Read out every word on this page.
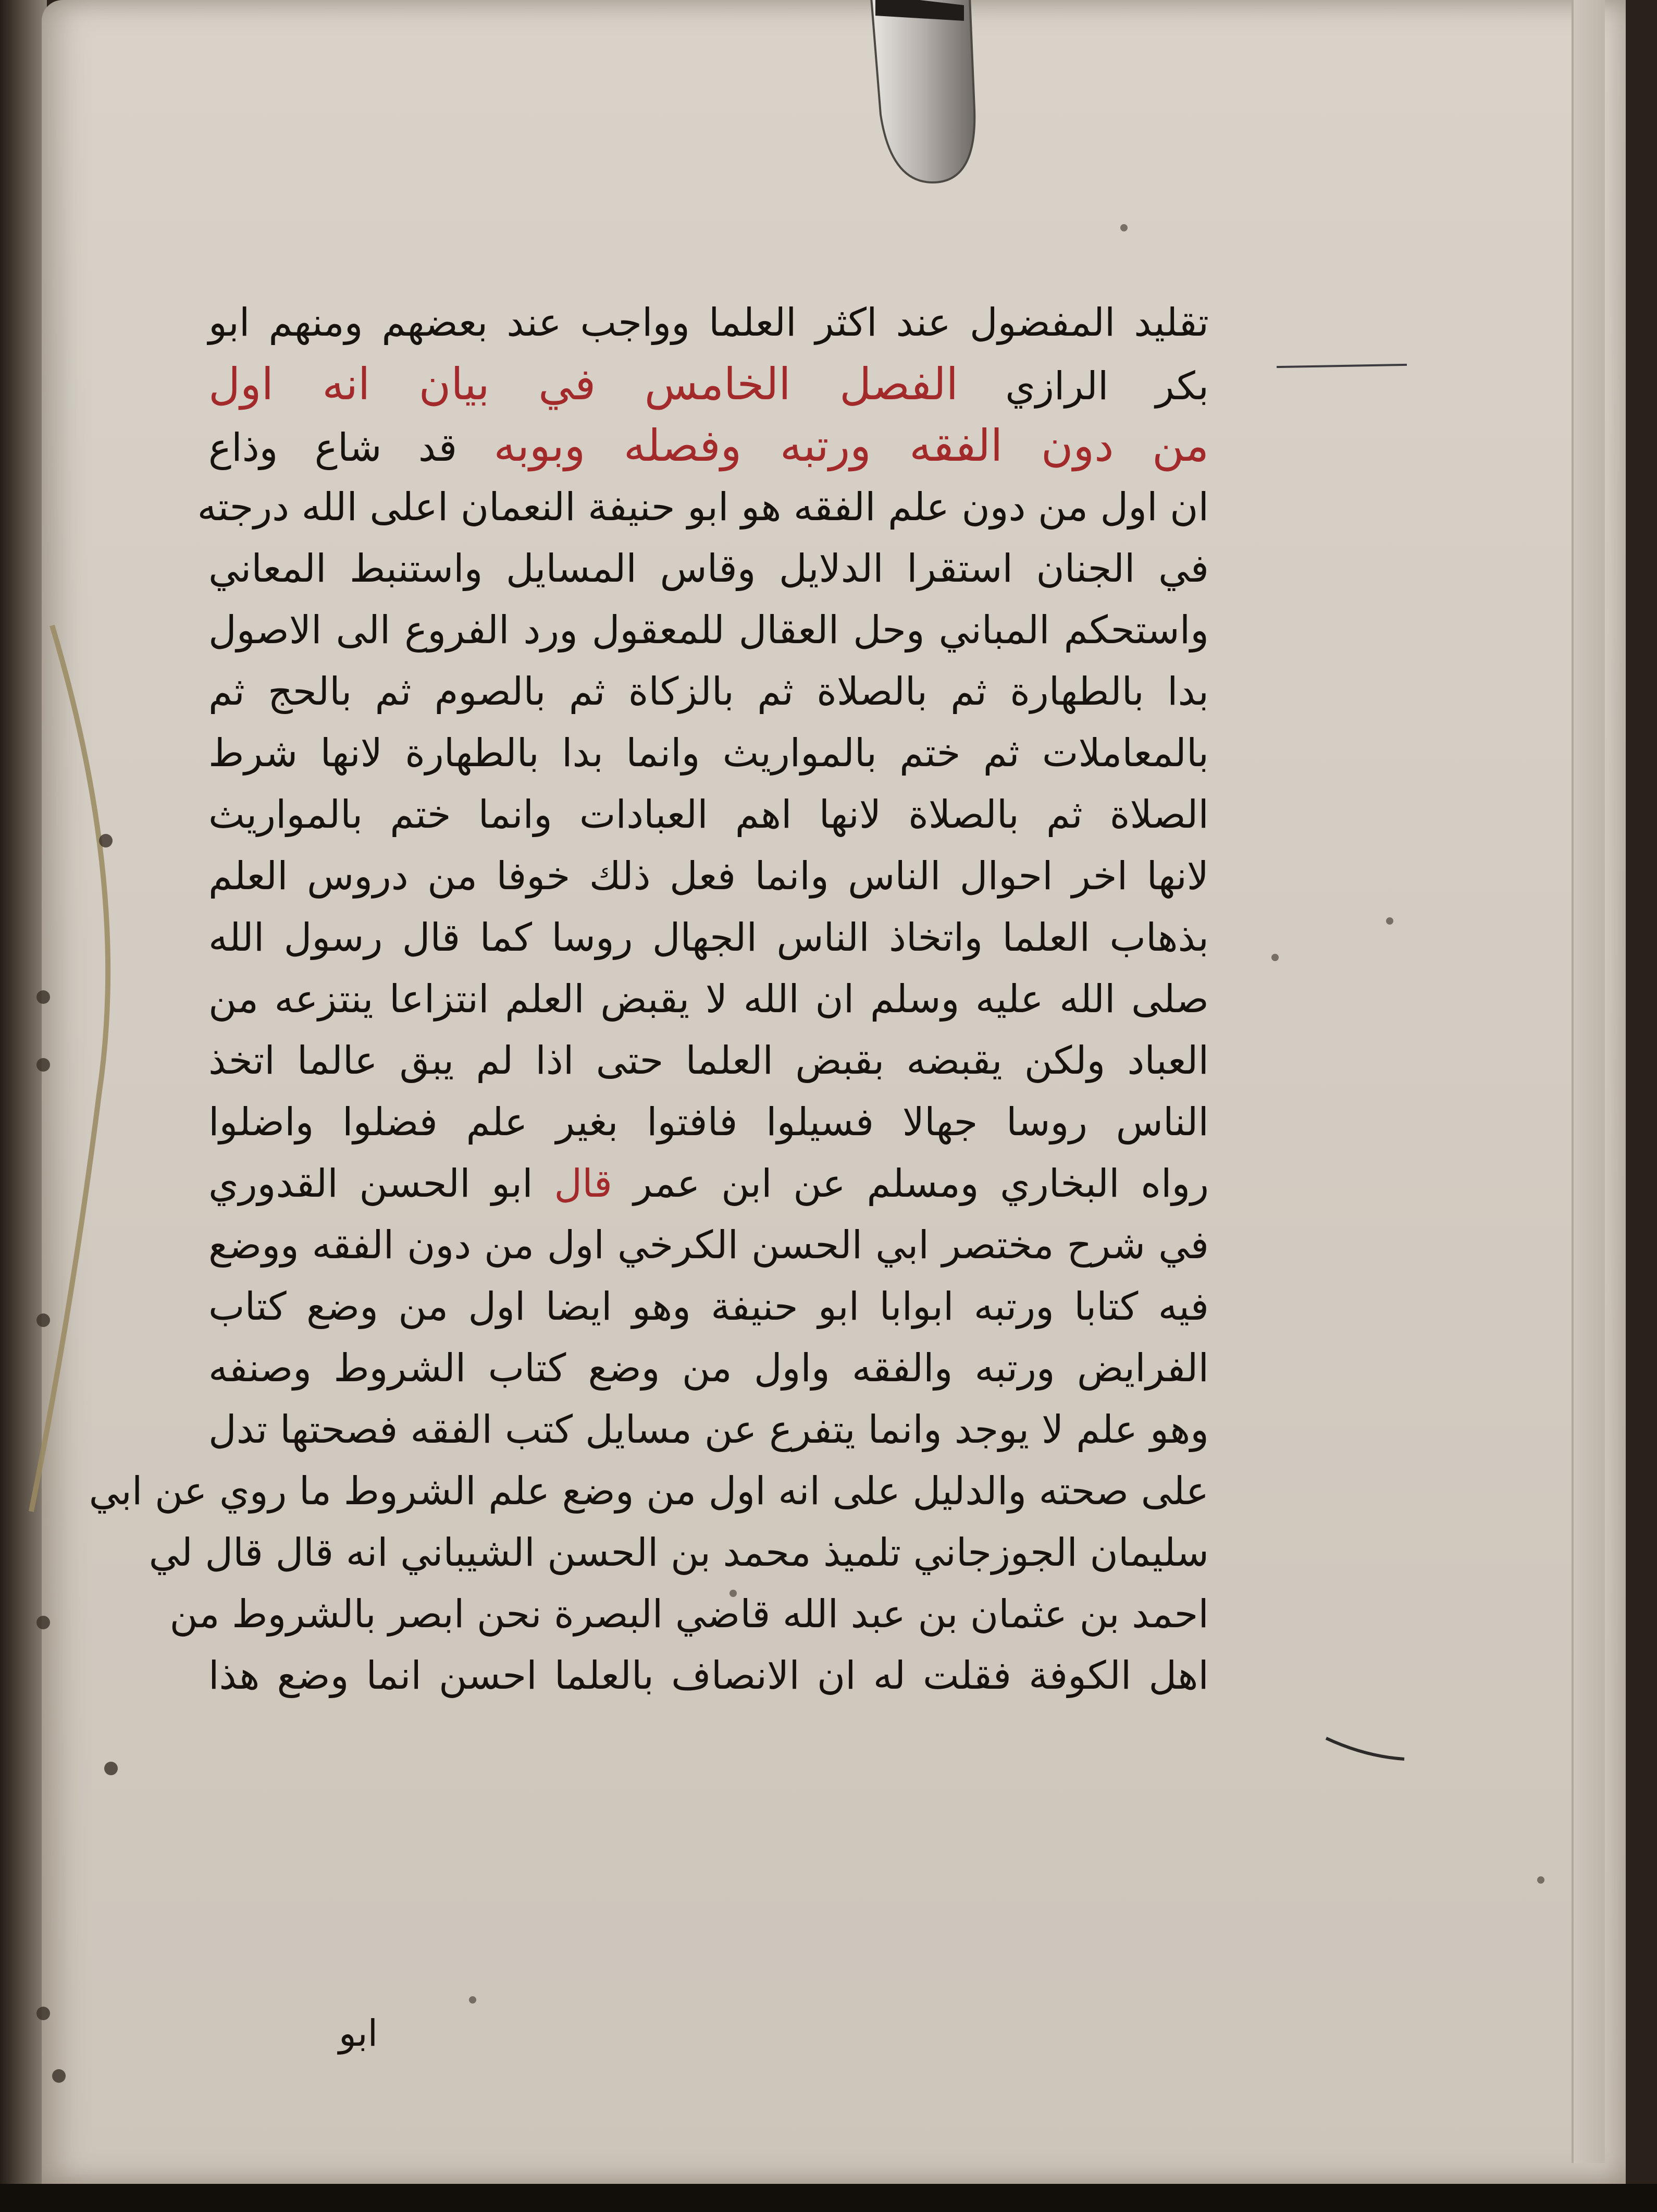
تقليد المفضول عند اكثر العلما وواجب عند بعضهم ومنهم ابو
بكر الرازي الفصل الخامس في بيان انه اول
من دون الفقه ورتبه وفصله وبوبه قد شاع وذاع
ان اول من دون علم الفقه هو ابو حنيفة النعمان اعلى الله درجته
في الجنان استقرا الدلايل وقاس المسايل واستنبط المعاني
واستحكم المباني وحل العقال للمعقول ورد الفروع الى الاصول
بدا بالطهارة ثم بالصلاة ثم بالزكاة ثم بالصوم ثم بالحج ثم
بالمعاملات ثم ختم بالمواريث وانما بدا بالطهارة لانها شرط
الصلاة ثم بالصلاة لانها اهم العبادات وانما ختم بالمواريث
لانها اخر احوال الناس وانما فعل ذلك خوفا من دروس العلم
بذهاب العلما واتخاذ الناس الجهال روسا كما قال رسول الله
صلى الله عليه وسلم ان الله لا يقبض العلم انتزاعا ينتزعه من
العباد ولكن يقبضه بقبض العلما حتى اذا لم يبق عالما اتخذ
الناس روسا جهالا فسيلوا فافتوا بغير علم فضلوا واضلوا
رواه البخاري ومسلم عن ابن عمر قال ابو الحسن القدوري
في شرح مختصر ابي الحسن الكرخي اول من دون الفقه ووضع
فيه كتابا ورتبه ابوابا ابو حنيفة وهو ايضا اول من وضع كتاب
الفرايض ورتبه والفقه واول من وضع كتاب الشروط وصنفه
وهو علم لا يوجد وانما يتفرع عن مسايل كتب الفقه فصحتها تدل
على صحته والدليل على انه اول من وضع علم الشروط ما روي عن ابي
سليمان الجوزجاني تلميذ محمد بن الحسن الشيباني انه قال قال لي
احمد بن عثمان بن عبد الله قاضي البصرة نحن ابصر بالشروط من
اهل الكوفة فقلت له ان الانصاف بالعلما احسن انما وضع هذا
ابو
